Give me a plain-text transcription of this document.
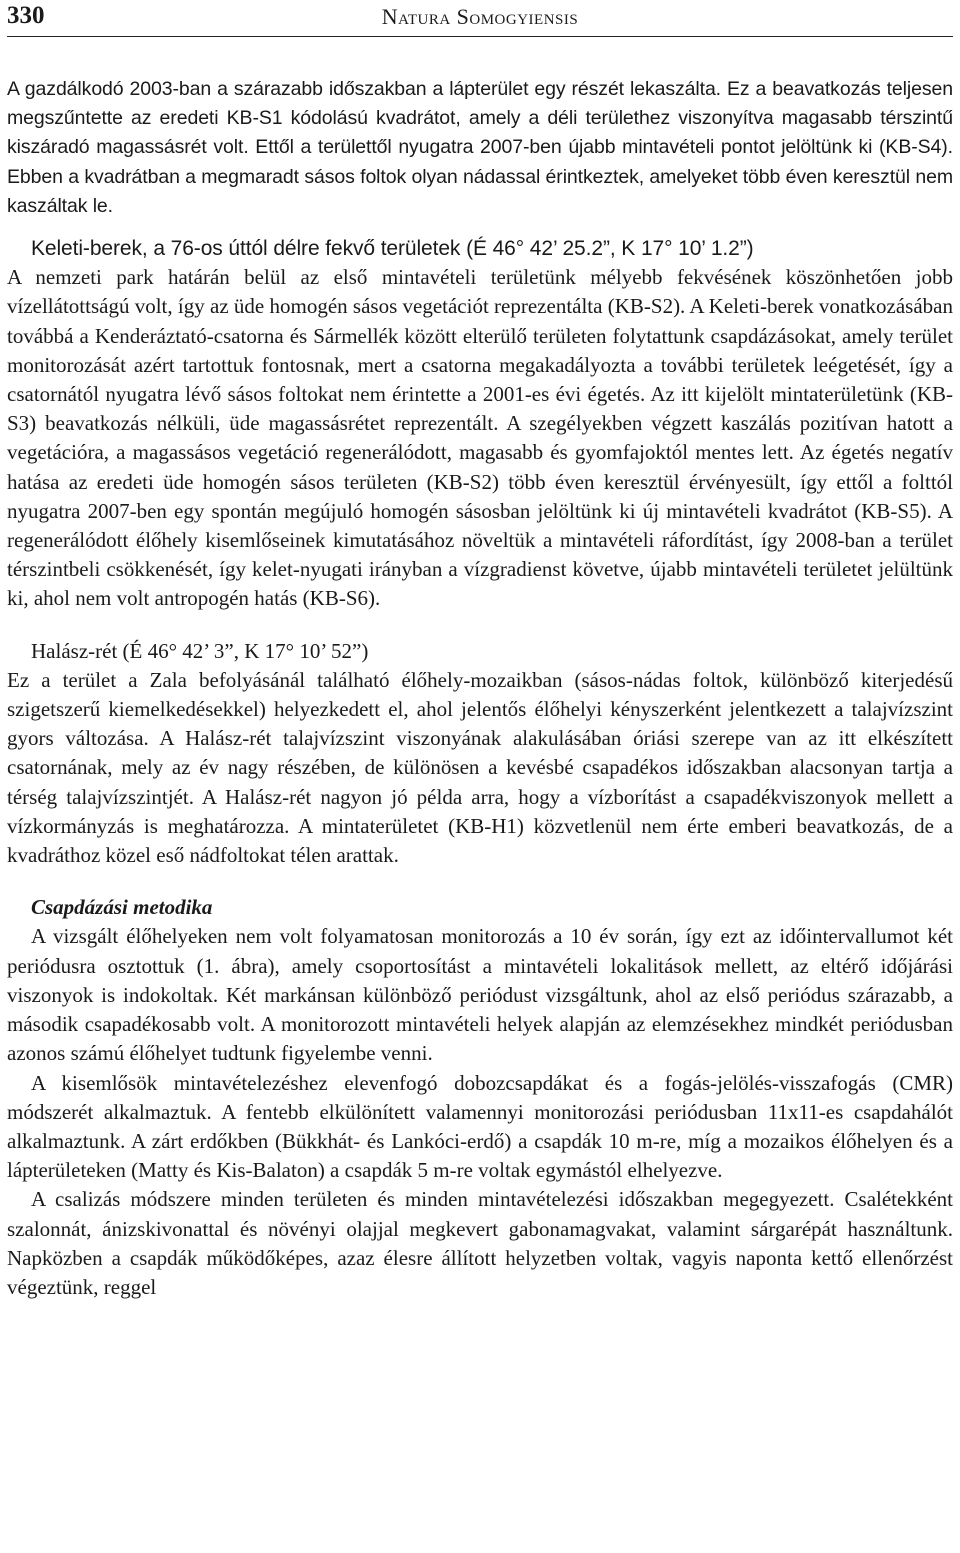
330	Natura Somogyiensis

A gazdálkodó 2003-ban a szárazabb időszakban a lápterület egy részét lekaszálta. Ez a beavatkozás teljesen megszűntette az eredeti KB-S1 kódolású kvadrátot, amely a déli területhez viszonyítva magasabb térszintű kiszáradó magassásrét volt. Ettől a területtől nyugatra 2007-ben újabb mintavételi pontot jelöltünk ki (KB-S4). Ebben a kvadrátban a megmaradt sásos foltok olyan nádassal érintkeztek, amelyeket több éven keresztül nem kaszáltak le.

Keleti-berek, a 76-os úttól délre fekvő területek (É 46° 42’ 25.2”, K 17° 10’ 1.2”)

A nemzeti park határán belül az első mintavételi területünk mélyebb fekvésének köszönhetően jobb vízellátottságú volt, így az üde homogén sásos vegetációt reprezentálta (KB-S2). A Keleti-berek vonatkozásában továbbá a Kenderáztató-csatorna és Sármellék között elterülő területen folytattunk csapdázásokat, amely terület monitorozását azért tartottuk fontosnak, mert a csatorna megakadályozta a további területek leégetését, így a csatornától nyugatra lévő sásos foltokat nem érintette a 2001-es évi égetés. Az itt kijelölt mintaterületünk (KB-S3) beavatkozás nélküli, üde magassásrétet reprezentált. A szegélyekben végzett kaszálás pozitívan hatott a vegetációra, a magassásos vegetáció regenerálódott, magasabb és gyomfajoktól mentes lett. Az égetés negatív hatása az eredeti üde homogén sásos területen (KB-S2) több éven keresztül érvényesült, így ettől a folttól nyugatra 2007-ben egy spontán megújuló homogén sásosban jelöltünk ki új mintavételi kvadrátot (KB-S5). A regenerálódott élőhely kisemlőseinek kimutatásához növeltük a mintavételi ráfordítást, így 2008-ban a terület térszintbeli csökkenését, így kelet-nyugati irányban a vízgradienst követve, újabb mintavételi területet jelültünk ki, ahol nem volt antropogén hatás (KB-S6).

Halász-rét (É 46° 42’ 3”, K 17° 10’ 52”)

Ez a terület a Zala befolyásánál található élőhely-mozaikban (sásos-nádas foltok, különböző kiterjedésű szigetszerű kiemelkedésekkel) helyezkedett el, ahol jelentős élőhelyi kényszerként jelentkezett a talajvízszint gyors változása. A Halász-rét talajvízszint viszonyának alakulásában óriási szerepe van az itt elkészített csatornának, mely az év nagy részében, de különösen a kevésbé csapadékos időszakban alacsonyan tartja a térség talajvízszintjét. A Halász-rét nagyon jó példa arra, hogy a vízborítást a csapadékviszonyok mellett a vízkormányzás is meghatározza. A mintaterületet (KB-H1) közvetlenül nem érte emberi beavatkozás, de a kvadráthoz közel eső nádfoltokat télen arattak.

Csapdázási metodika

A vizsgált élőhelyeken nem volt folyamatosan monitorozás a 10 év során, így ezt az időintervallumot két periódusra osztottuk (1. ábra), amely csoportosítást a mintavételi lokalitások mellett, az eltérő időjárási viszonyok is indokoltak. Két markánsan különböző periódust vizsgáltunk, ahol az első periódus szárazabb, a második csapadékosabb volt. A monitorozott mintavételi helyek alapján az elemzésekhez mindkét periódusban azonos számú élőhelyet tudtunk figyelembe venni.

A kisemlősök mintavételezéshez elevenfogó dobozcsapdákat és a fogás-jelölés-visszafogás (CMR) módszerét alkalmaztuk. A fentebb elkülönített valamennyi monitorozási periódusban 11x11-es csapdahálót alkalmaztunk. A zárt erdőkben (Bükkhát- és Lankóci-erdő) a csapdák 10 m-re, míg a mozaikos élőhelyen és a lápterületeken (Matty és Kis-Balaton) a csapdák 5 m-re voltak egymástól elhelyezve.

A csalizás módszere minden területen és minden mintavételezési időszakban megegyezett. Csalétekként szalonnát, ánizskivonattal és növényi olajjal megkevert gabonamagvakat, valamint sárgarépát használtunk. Napközben a csapdák működőképes, azaz élesre állított helyzetben voltak, vagyis naponta kettő ellenőrzést végeztünk, reggel
